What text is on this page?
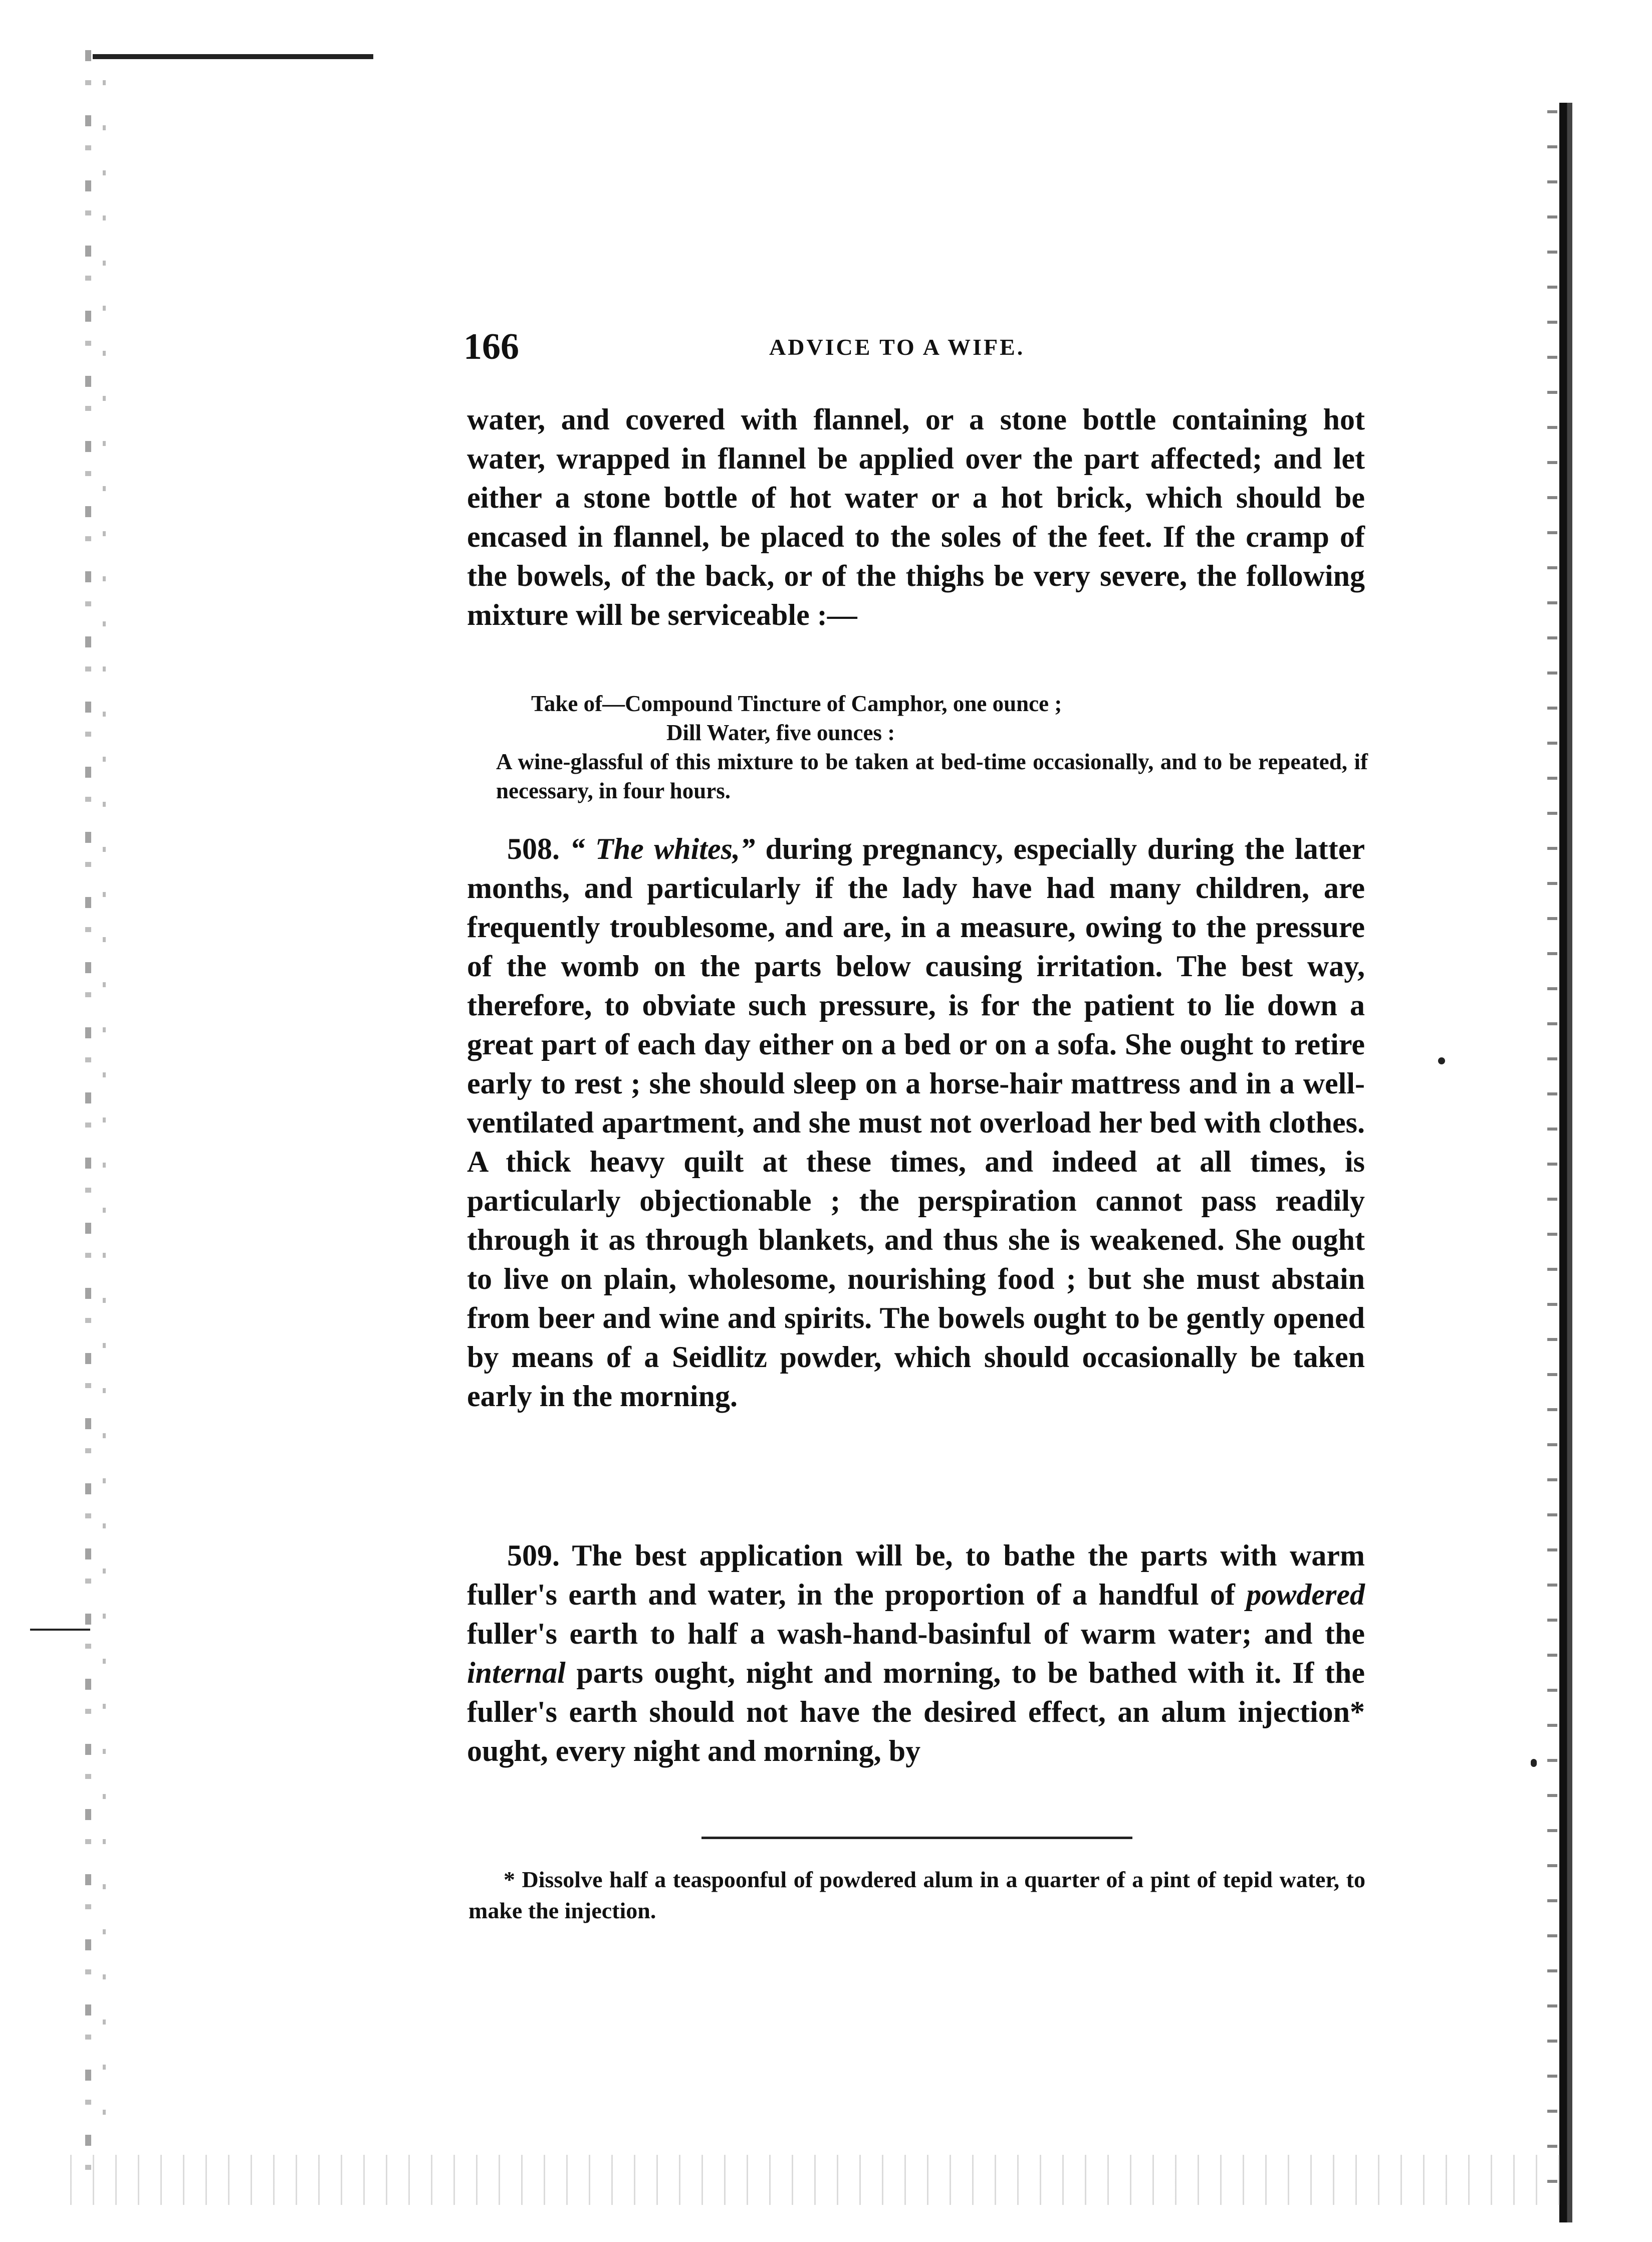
166	ADVICE TO A WIFE.
water, and covered with flannel, or a stone bottle containing hot water, wrapped in flannel be applied over the part affected; and let either a stone bottle of hot water or a hot brick, which should be encased in flannel, be placed to the soles of the feet. If the cramp of the bowels, of the back, or of the thighs be very severe, the following mixture will be serviceable :—
Take of—Compound Tincture of Camphor, one ounce ;
Dill Water, five ounces :
A wine-glassful of this mixture to be taken at bed-time occasionally, and to be repeated, if necessary, in four hours.
508. “ The whites,” during pregnancy, especially during the latter months, and particularly if the lady have had many children, are frequently troublesome, and are, in a measure, owing to the pressure of the womb on the parts below causing irritation. The best way, therefore, to obviate such pressure, is for the patient to lie down a great part of each day either on a bed or on a sofa. She ought to retire early to rest ; she should sleep on a horse-hair mattress and in a well-ventilated apartment, and she must not overload her bed with clothes. A thick heavy quilt at these times, and indeed at all times, is particularly objectionable ; the perspiration cannot pass readily through it as through blankets, and thus she is weakened. She ought to live on plain, wholesome, nourishing food ; but she must abstain from beer and wine and spirits. The bowels ought to be gently opened by means of a Seidlitz powder, which should occasionally be taken early in the morning.
509. The best application will be, to bathe the parts with warm fuller's earth and water, in the proportion of a handful of powdered fuller's earth to half a wash-hand-basinful of warm water; and the internal parts ought, night and morning, to be bathed with it. If the fuller's earth should not have the desired effect, an alum injection* ought, every night and morning, by
* Dissolve half a teaspoonful of powdered alum in a quarter of a pint of tepid water, to make the injection.
